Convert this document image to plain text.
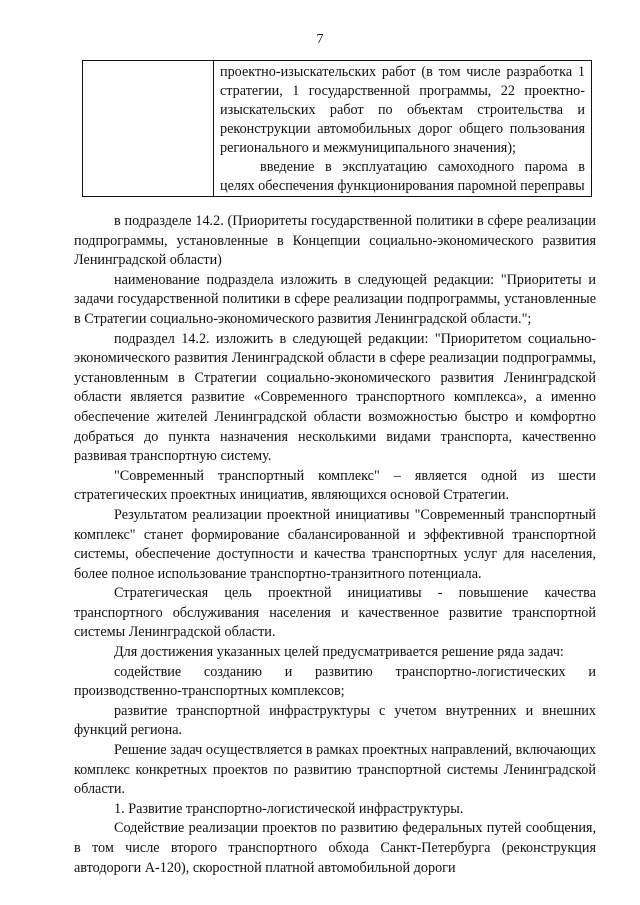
7

проектно-изыскательских работ (в том числе разработка 1 стратегии, 1 государственной программы, 22 проектно-изыскательских работ по объектам строительства и реконструкции автомобильных дорог общего пользования регионального и межмуниципального значения);

введение в эксплуатацию самоходного парома в целях обеспечения функционирования паромной переправы

в подразделе 14.2. (Приоритеты государственной политики в сфере реализации подпрограммы, установленные в Концепции социально-экономического развития Ленинградской области)

наименование подраздела изложить в следующей редакции: "Приоритеты и задачи государственной политики в сфере реализации подпрограммы, установленные в Стратегии социально-экономического развития Ленинградской области.";

подраздел 14.2. изложить в следующей редакции: "Приоритетом социально-экономического развития Ленинградской области в сфере реализации подпрограммы, установленным в Стратегии социально-экономического развития Ленинградской области является развитие «Современного транспортного комплекса», а именно обеспечение жителей Ленинградской области возможностью быстро и комфортно добраться до пункта назначения несколькими видами транспорта, качественно развивая транспортную систему.

"Современный транспортный комплекс" – является одной из шести стратегических проектных инициатив, являющихся основой Стратегии.

Результатом реализации проектной инициативы "Современный транспортный комплекс" станет формирование сбалансированной и эффективной транспортной системы, обеспечение доступности и качества транспортных услуг для населения, более полное использование транспортно-транзитного потенциала.

Стратегическая цель проектной инициативы - повышение качества транспортного обслуживания населения и качественное развитие транспортной системы Ленинградской области.

Для достижения указанных целей предусматривается решение ряда задач:

содействие созданию и развитию транспортно-логистических и производственно-транспортных комплексов;

развитие транспортной инфраструктуры с учетом внутренних и внешних функций региона.

Решение задач осуществляется в рамках проектных направлений, включающих комплекс конкретных проектов по развитию транспортной системы Ленинградской области.

1. Развитие транспортно-логистической инфраструктуры.

Содействие реализации проектов по развитию федеральных путей сообщения, в том числе второго транспортного обхода Санкт-Петербурга (реконструкция автодороги А-120), скоростной платной автомобильной дороги
